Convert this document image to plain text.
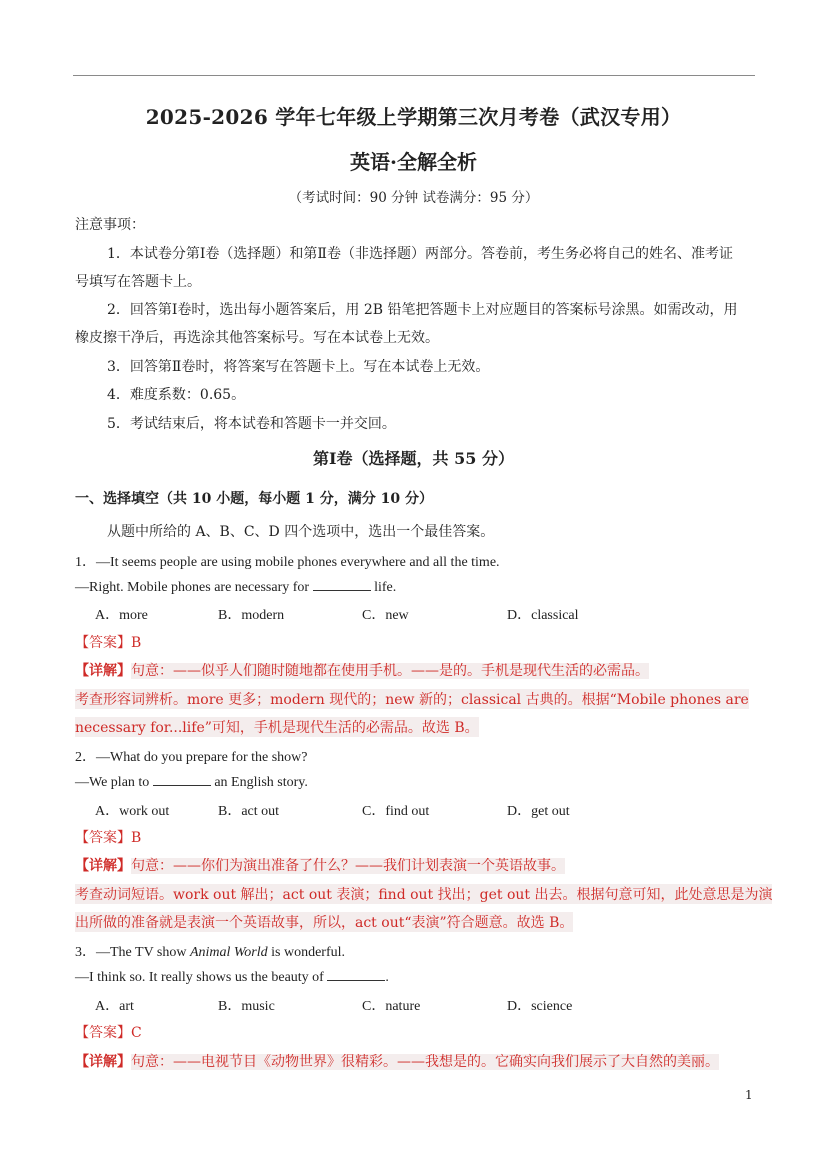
2025-2026 学年七年级上学期第三次月考卷（武汉专用）
英语·全解全析
（考试时间：90 分钟 试卷满分：95 分）
注意事项：
1．本试卷分第Ⅰ卷（选择题）和第Ⅱ卷（非选择题）两部分。答卷前，考生务必将自己的姓名、准考证
号填写在答题卡上。
2．回答第Ⅰ卷时，选出每小题答案后，用 2B 铅笔把答题卡上对应题目的答案标号涂黑。如需改动，用
橡皮擦干净后，再选涂其他答案标号。写在本试卷上无效。
3．回答第Ⅱ卷时，将答案写在答题卡上。写在本试卷上无效。
4．难度系数：0.65。
5．考试结束后，将本试卷和答题卡一并交回。
第Ⅰ卷（选择题，共 55 分）
一、选择填空（共 10 小题，每小题 1 分，满分 10 分）
从题中所给的 A、B、C、D 四个选项中，选出一个最佳答案。
1．—It seems people are using mobile phones everywhere and all the time.
—Right. Mobile phones are necessary for	life.
A．more	B．modern	C．new	D．classical
【答案】B
【详解】句意：——似乎人们随时随地都在使用手机。——是的。手机是现代生活的必需品。
考查形容词辨析。more 更多；modern 现代的；new 新的；classical 古典的。根据“Mobile phones are
necessary for...life”可知，手机是现代生活的必需品。故选 B。
2．—What do you prepare for the show?
—We plan to	an English story.
A．work out	B．act out	C．find out	D．get out
【答案】B
【详解】句意：——你们为演出准备了什么？——我们计划表演一个英语故事。
考查动词短语。work out 解出；act out 表演；find out 找出；get out 出去。根据句意可知，此处意思是为演
出所做的准备就是表演一个英语故事，所以，act out“表演”符合题意。故选 B。
3．—The TV show Animal World is wonderful.
—I think so. It really shows us the beauty of	.
A．art	B．music	C．nature	D．science
【答案】C
【详解】句意：——电视节目《动物世界》很精彩。——我想是的。它确实向我们展示了大自然的美丽。
1
